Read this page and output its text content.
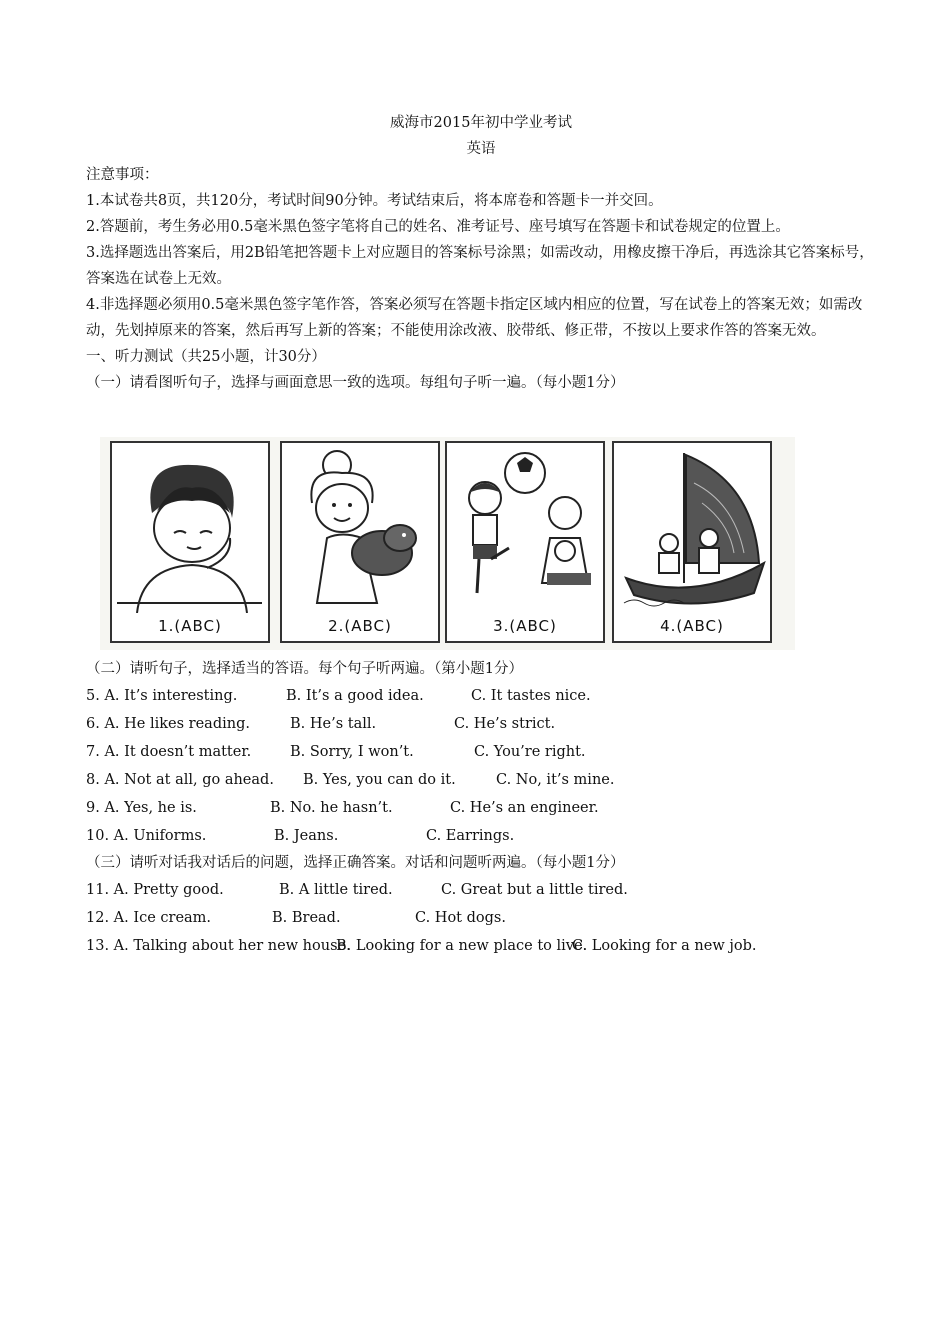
威海市2015年初中学业考试
英语
注意事项：
1.本试卷共8页，共120分，考试时间90分钟。考试结束后，将本席卷和答题卡一并交回。
2.答题前，考生务必用0.5毫米黑色签字笔将自己的姓名、准考证号、座号填写在答题卡和试卷规定的位置上。
3.选择题选出答案后，用2B铅笔把答题卡上对应题目的答案标号涂黑；如需改动，用橡皮擦干净后，再选涂其它答案标号，答案选在试卷上无效。
4.非选择题必须用0.5毫米黑色签字笔作答，答案必须写在答题卡指定区域内相应的位置，写在试卷上的答案无效；如需改动，先划掉原来的答案，然后再写上新的答案；不能使用涂改液、胶带纸、修正带，不按以上要求作答的答案无效。
一、听力测试（共25小题，计30分）
（一）请看图听句子，选择与画面意思一致的选项。每组句子听一遍。（每小题1分）
1.(ABC)	2.(ABC)	3.(ABC)	4.(ABC)
（二）请听句子，选择适当的答语。每个句子听两遍。（第小题1分）
5. A. It’s interesting.	B. It’s a good idea.	C. It tastes nice.
6. A. He likes reading.	B. He’s tall.	C. He’s strict.
7. A. It doesn’t matter.	B. Sorry, I won’t.	C. You’re right.
8. A. Not at all, go ahead.	B. Yes, you can do it.	C. No, it’s mine.
9. A. Yes, he is.	B. No. he hasn’t.	C. He’s an engineer.
10. A. Uniforms.	B. Jeans.	C. Earrings.
（三）请听对话我对话后的问题，选择正确答案。对话和问题听两遍。（每小题1分）
11. A. Pretty good.	B. A little tired.	C. Great but a little tired.
12. A. Ice cream.	B. Bread.	C. Hot dogs.
13. A. Talking about her new house.
B. Looking for a new place to live.
C. Looking for a new job.
